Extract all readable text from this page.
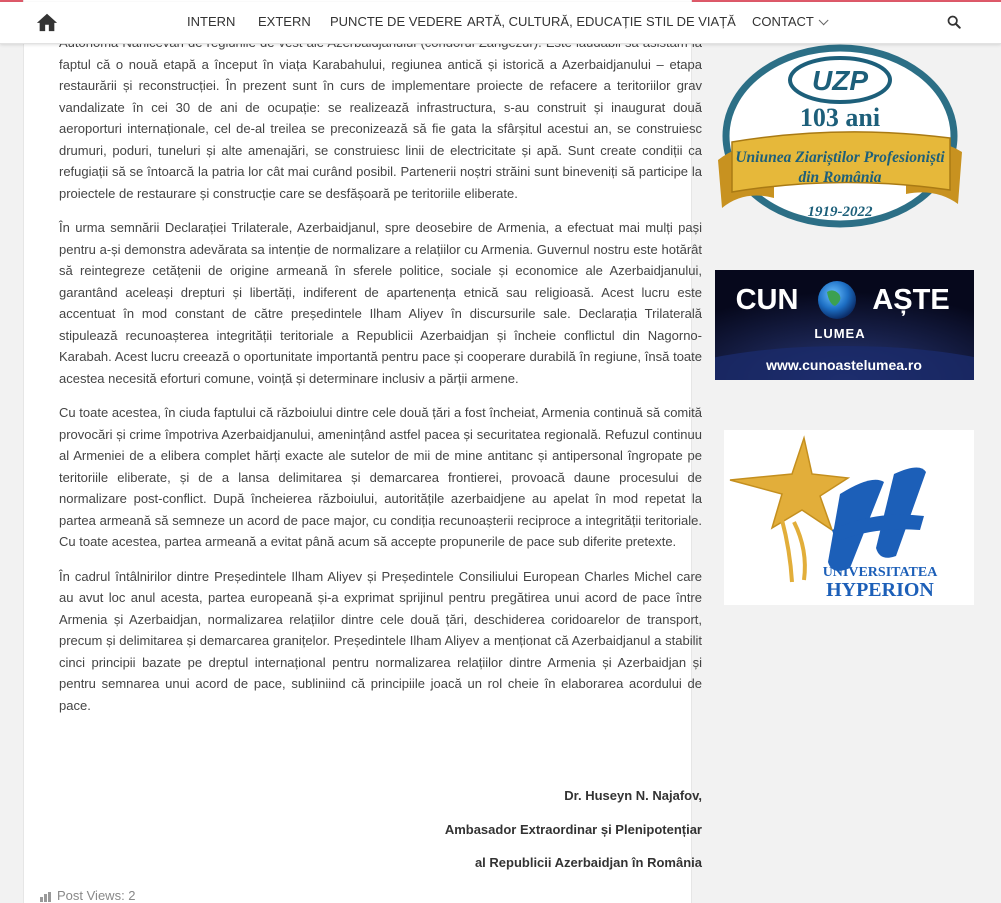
INTERN EXTERN PUNCTE DE VEDERE ARTĂ, CULTURĂ, EDUCAȚIE STIL DE VIAȚĂ CONTACT

faptul că o nouă etapă a început în viața Karabahului, regiunea antică și istorică a Azerbaidjanului – etapa restaurării și reconstrucției. În prezent sunt în curs de implementare proiecte de refacere a teritoriilor grav vandalizate în cei 30 de ani de ocupație: se realizează infrastructura, s-au construit și inaugurat două aeroporturi internaționale, cel de-al treilea se preconizează să fie gata la sfârșitul acestui an, se construiesc drumuri, poduri, tuneluri și alte amenajări, se construiesc linii de electricitate și apă. Sunt create condiții ca refugiații să se întoarcă la patria lor cât mai curând posibil. Partenerii noștri străini sunt bineveniți să participe la proiectele de restaurare și construcție care se desfășoară pe teritoriile eliberate.

În urma semnării Declarației Trilaterale, Azerbaidjanul, spre deosebire de Armenia, a efectuat mai mulți pași pentru a-și demonstra adevărata sa intenție de normalizare a relațiilor cu Armenia. Guvernul nostru este hotărât să reintegreze cetățenii de origine armeană în sferele politice, sociale și economice ale Azerbaidjanului, garantând aceleași drepturi și libertăți, indiferent de apartenența etnică sau religioasă. Acest lucru este accentuat în mod constant de către președintele Ilham Aliyev în discursurile sale. Declarația Trilaterală stipulează recunoașterea integrității teritoriale a Republicii Azerbaidjan și încheie conflictul din Nagorno-Karabah. Acest lucru creează o oportunitate importantă pentru pace și cooperare durabilă în regiune, însă toate acestea necesită eforturi comune, voință și determinare inclusiv a părții armene.

Cu toate acestea, în ciuda faptului că războiului dintre cele două țări a fost încheiat, Armenia continuă să comită provocări și crime împotriva Azerbaidjanului, amenințând astfel pacea și securitatea regională. Refuzul continuu al Armeniei de a elibera complet hărți exacte ale sutelor de mii de mine antitanc și antipersonal îngropate pe teritoriile eliberate, și de a lansa delimitarea și demarcarea frontierei, provoacă daune procesului de normalizare post-conflict. După încheierea războiului, autoritățile azerbaidjene au apelat în mod repetat la partea armeană să semneze un acord de pace major, cu condiția recunoașterii reciproce a integrității teritoriale. Cu toate acestea, partea armeană a evitat până acum să accepte propunerile de pace sub diferite pretexte.

În cadrul întâlnirilor dintre Președintele Ilham Aliyev și Președintele Consiliului European Charles Michel care au avut loc anul acesta, partea europeană și-a exprimat sprijinul pentru pregătirea unui acord de pace între Armenia și Azerbaidjan, normalizarea relațiilor dintre cele două țări, deschiderea coridoarelor de transport, precum și delimitarea și demarcarea granițelor. Președintele Ilham Aliyev a menționat că Azerbaidjanul a stabilit cinci principii bazate pe dreptul internațional pentru normalizarea relațiilor dintre Armenia și Azerbaidjan și pentru semnarea unui acord de pace, subliniind că principiile joacă un rol cheie în elaborarea acordului de pace.

Dr. Huseyn N. Najafov,
Ambasador Extraordinar și Plenipotențiar
al Republicii Azerbaidjan în România
Post Views: 2
UZP
103 ani
Uniunea Ziariștilor Profesioniști
din România
1919-2022
CUN	AȘTE
LUMEA
www.cunoastelumea.ro
UNIVERSITATEA
HYPERION
